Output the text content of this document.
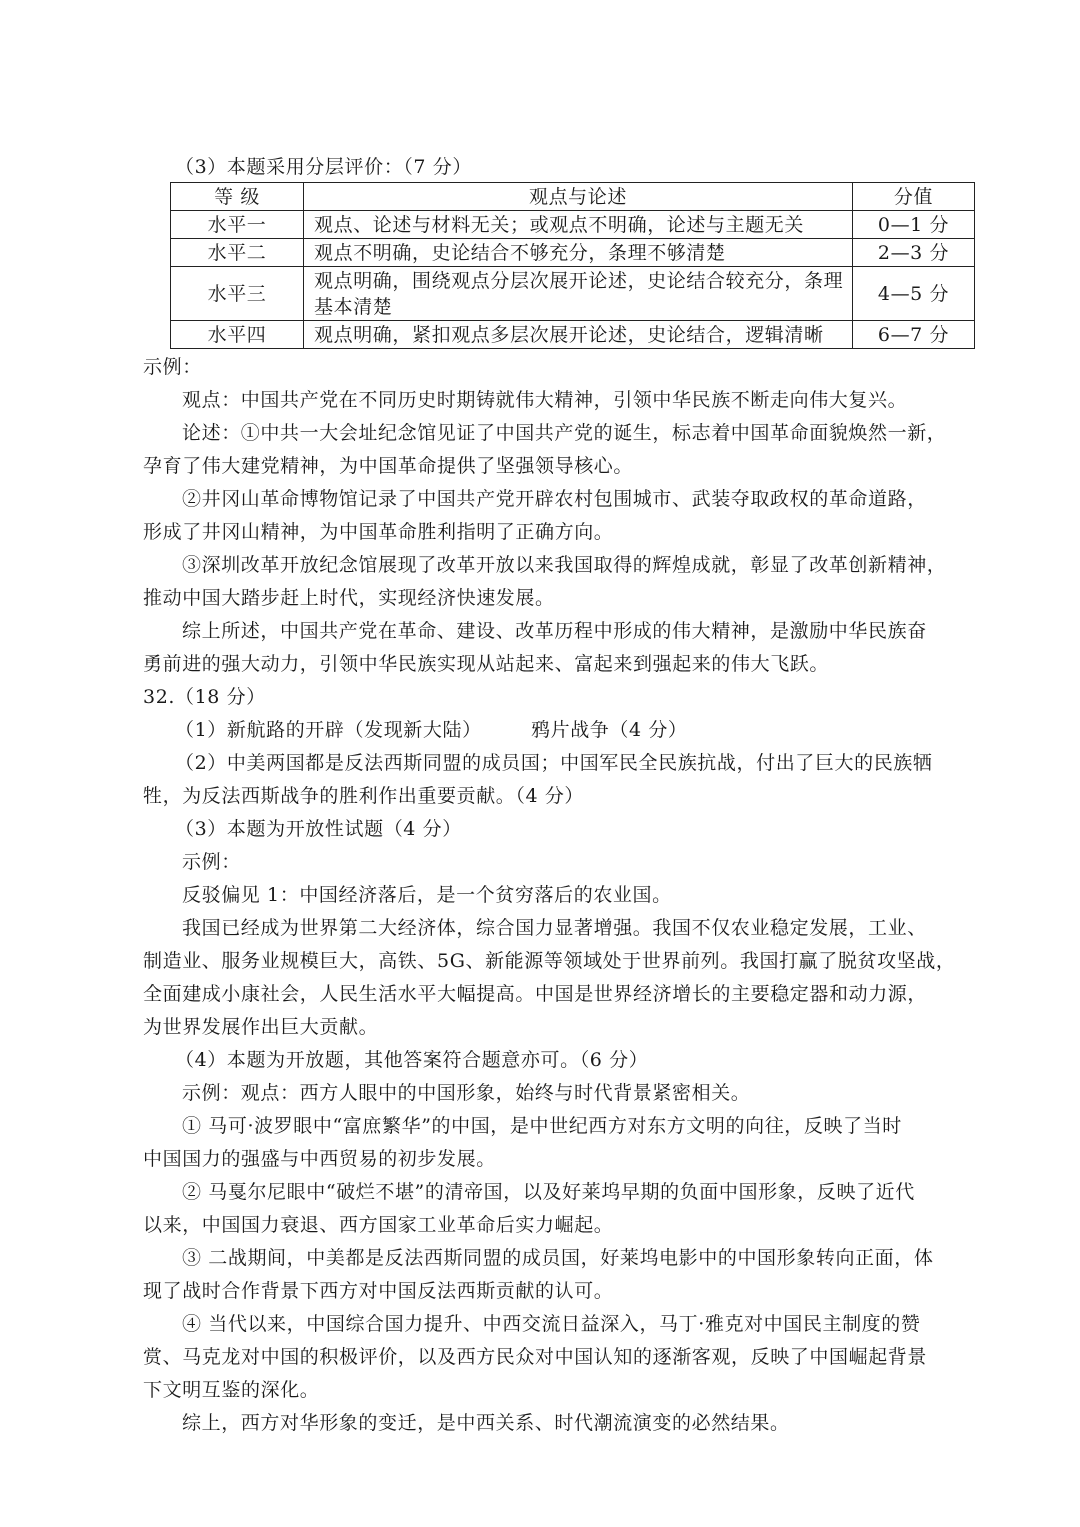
（3）本题采用分层评价：（7 分）
等 级	观点与论述	分值
水平一	观点、论述与材料无关；或观点不明确，论述与主题无关	0—1 分
水平二	观点不明确，史论结合不够充分，条理不够清楚	2—3 分
水平三	观点明确，围绕观点分层次展开论述，史论结合较充分，条理基本清楚	4—5 分
水平四	观点明确，紧扣观点多层次展开论述，史论结合，逻辑清晰	6—7 分
示例：
观点：中国共产党在不同历史时期铸就伟大精神，引领中华民族不断走向伟大复兴。
论述：①中共一大会址纪念馆见证了中国共产党的诞生，标志着中国革命面貌焕然一新，
孕育了伟大建党精神，为中国革命提供了坚强领导核心。
②井冈山革命博物馆记录了中国共产党开辟农村包围城市、武装夺取政权的革命道路，
形成了井冈山精神，为中国革命胜利指明了正确方向。
③深圳改革开放纪念馆展现了改革开放以来我国取得的辉煌成就，彰显了改革创新精神，
推动中国大踏步赶上时代，实现经济快速发展。
综上所述，中国共产党在革命、建设、改革历程中形成的伟大精神，是激励中华民族奋
勇前进的强大动力，引领中华民族实现从站起来、富起来到强起来的伟大飞跃。
32.（18 分）
（1）新航路的开辟（发现新大陆）　　　鸦片战争（4 分）
（2）中美两国都是反法西斯同盟的成员国；中国军民全民族抗战，付出了巨大的民族牺
牲，为反法西斯战争的胜利作出重要贡献。（4 分）
（3）本题为开放性试题（4 分）
示例：
反驳偏见 1：中国经济落后，是一个贫穷落后的农业国。
我国已经成为世界第二大经济体，综合国力显著增强。我国不仅农业稳定发展，工业、
制造业、服务业规模巨大，高铁、5G、新能源等领域处于世界前列。我国打赢了脱贫攻坚战，
全面建成小康社会，人民生活水平大幅提高。中国是世界经济增长的主要稳定器和动力源，
为世界发展作出巨大贡献。
（4）本题为开放题，其他答案符合题意亦可。（6 分）
示例：观点：西方人眼中的中国形象，始终与时代背景紧密相关。
① 马可·波罗眼中“富庶繁华”的中国，是中世纪西方对东方文明的向往，反映了当时
中国国力的强盛与中西贸易的初步发展。
② 马戛尔尼眼中“破烂不堪”的清帝国，以及好莱坞早期的负面中国形象，反映了近代
以来，中国国力衰退、西方国家工业革命后实力崛起。
③ 二战期间，中美都是反法西斯同盟的成员国，好莱坞电影中的中国形象转向正面，体
现了战时合作背景下西方对中国反法西斯贡献的认可。
④ 当代以来，中国综合国力提升、中西交流日益深入，马丁·雅克对中国民主制度的赞
赏、马克龙对中国的积极评价，以及西方民众对中国认知的逐渐客观，反映了中国崛起背景
下文明互鉴的深化。
综上，西方对华形象的变迁，是中西关系、时代潮流演变的必然结果。
